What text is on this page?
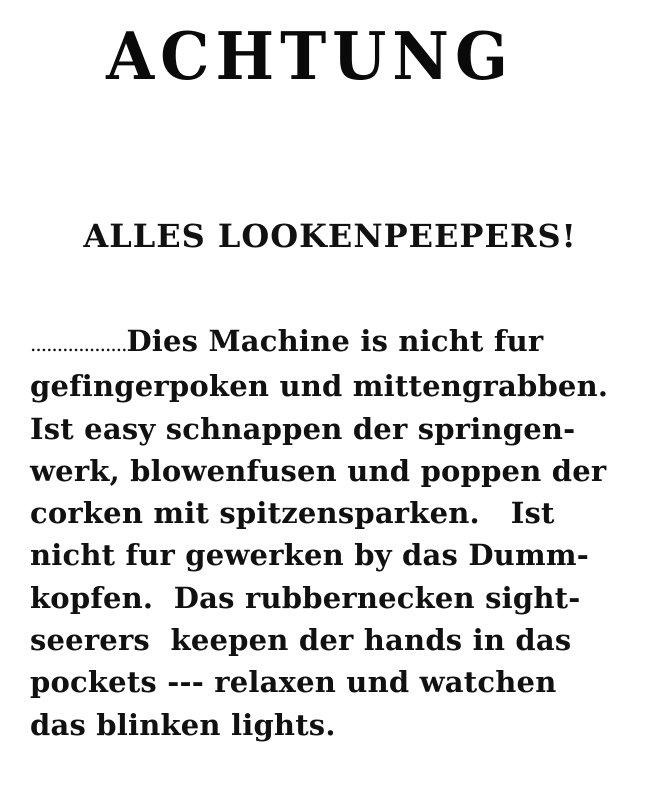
ACHTUNG
ALLES LOOKENPEEPERS!
..................Dies Machine is nicht fur
gefingerpoken und mittengrabben.
Ist easy schnappen der springen-
werk, blowenfusen und poppen der
corken mit spitzensparken.   Ist
nicht fur gewerken by das Dumm-
kopfen.  Das rubbernecken sight-
seerers  keepen der hands in das
pockets --- relaxen und watchen
das blinken lights.
